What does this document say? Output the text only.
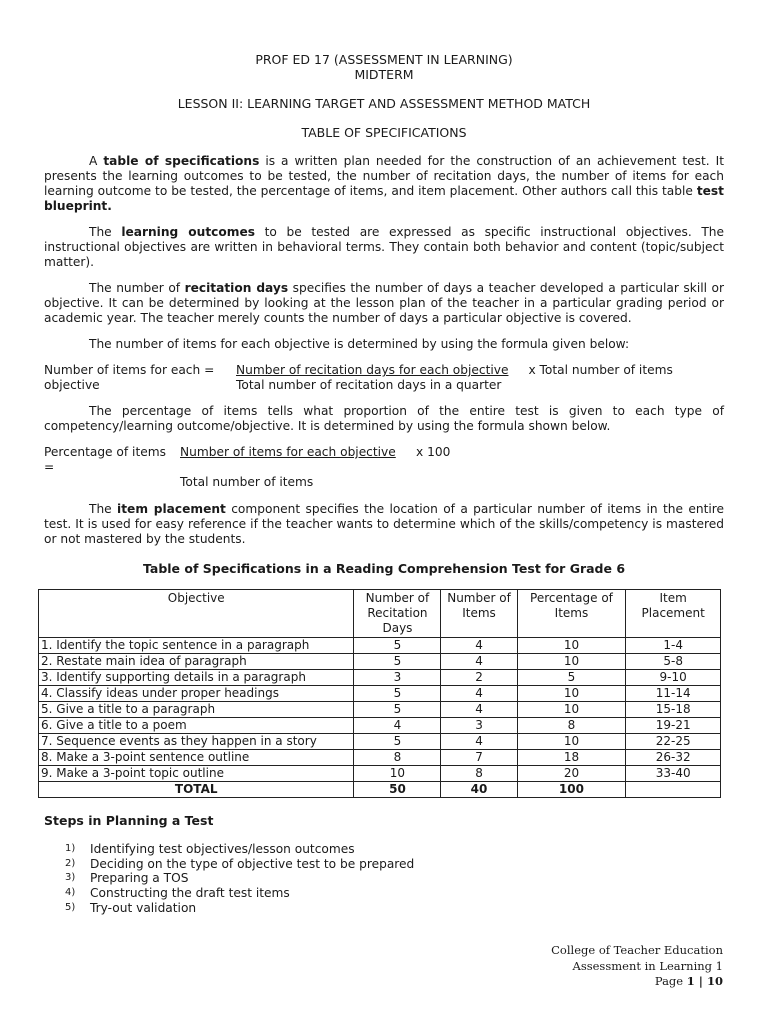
PROF ED 17 (ASSESSMENT IN LEARNING)
MIDTERM
LESSON II: LEARNING TARGET AND ASSESSMENT METHOD MATCH
TABLE OF SPECIFICATIONS

A table of specifications is a written plan needed for the construction of an achievement test. It presents the learning outcomes to be tested, the number of recitation days, the number of items for each learning outcome to be tested, the percentage of items, and item placement. Other authors call this table test blueprint.

The learning outcomes to be tested are expressed as specific instructional objectives. The instructional objectives are written in behavioral terms. They contain both behavior and content (topic/subject matter).

The number of recitation days specifies the number of days a teacher developed a particular skill or objective. It can be determined by looking at the lesson plan of the teacher in a particular grading period or academic year. The teacher merely counts the number of days a particular objective is covered.

The number of items for each objective is determined by using the formula given below:

Number of items for each = objective
Number of recitation days for each objective x Total number of items
Total number of recitation days in a quarter

The percentage of items tells what proportion of the entire test is given to each type of competency/learning outcome/objective. It is determined by using the formula shown below.

Percentage of items =
Number of items for each objective	x 100
Total number of items

The item placement component specifies the location of a particular number of items in the entire test. It is used for easy reference if the teacher wants to determine which of the skills/competency is mastered or not mastered by the students.

Table of Specifications in a Reading Comprehension Test for Grade 6
Objective	Number of Recitation Days	Number of Items	Percentage of Items	Item Placement
1. Identify the topic sentence in a paragraph	5	4	10	1-4
2. Restate main idea of paragraph	5	4	10	5-8
3. Identify supporting details in a paragraph	3	2	5	9-10
4. Classify ideas under proper headings	5	4	10	11-14
5. Give a title to a paragraph	5	4	10	15-18
6. Give a title to a poem	4	3	8	19-21
7. Sequence events as they happen in a story	5	4	10	22-25
8. Make a 3-point sentence outline	8	7	18	26-32
9. Make a 3-point topic outline	10	8	20	33-40
TOTAL	50	40	100	
Steps in Planning a Test
1)	Identifying test objectives/lesson outcomes
2)	Deciding on the type of objective test to be prepared
3)	Preparing a TOS
4)	Constructing the draft test items
5)	Try-out validation
College of Teacher Education
Assessment in Learning 1
Page 1 | 10
